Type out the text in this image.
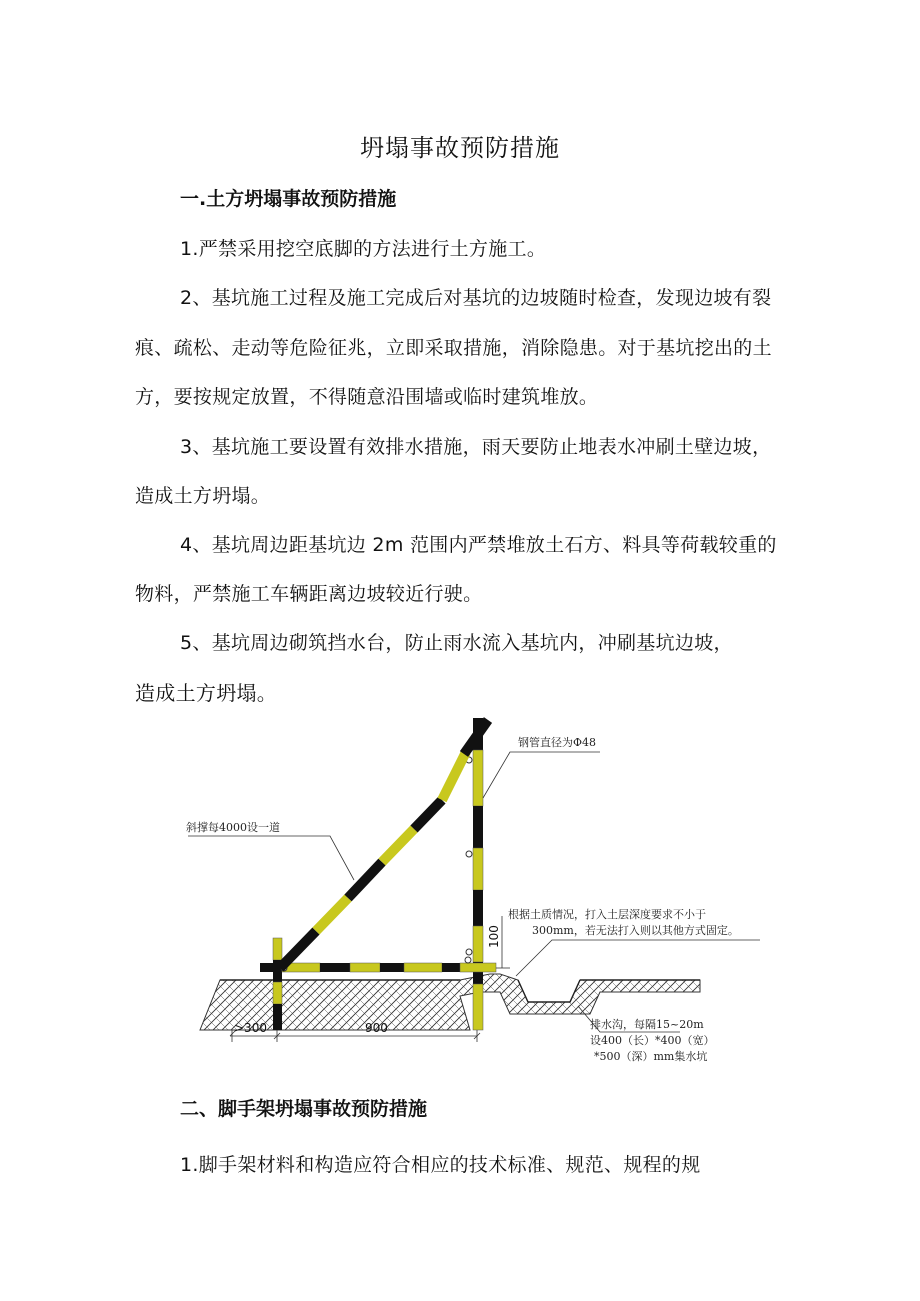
坍塌事故预防措施
一.土方坍塌事故预防措施
1.严禁采用挖空底脚的方法进行土方施工。
2、基坑施工过程及施工完成后对基坑的边坡随时检查，发现边坡有裂
痕、疏松、走动等危险征兆，立即采取措施，消除隐患。对于基坑挖出的土
方，要按规定放置，不得随意沿围墙或临时建筑堆放。
3、基坑施工要设置有效排水措施，雨天要防止地表水冲刷土壁边坡，
造成土方坍塌。
4、基坑周边距基坑边 2m 范围内严禁堆放土石方、料具等荷载较重的
物料，严禁施工车辆距离边坡较近行驶。
5、基坑周边砌筑挡水台，防止雨水流入基坑内，冲刷基坑边坡，
造成土方坍塌。
钢管直径为Φ48
斜撑每4000设一道
根据土质情况，打入土层深度要求不小于
300mm，若无法打入则以其他方式固定。
排水沟，每隔15~20m
设400（长）*400（宽）
*500（深）mm集水坑
100
>300	900
二、脚手架坍塌事故预防措施
1.脚手架材料和构造应符合相应的技术标准、规范、规程的规
